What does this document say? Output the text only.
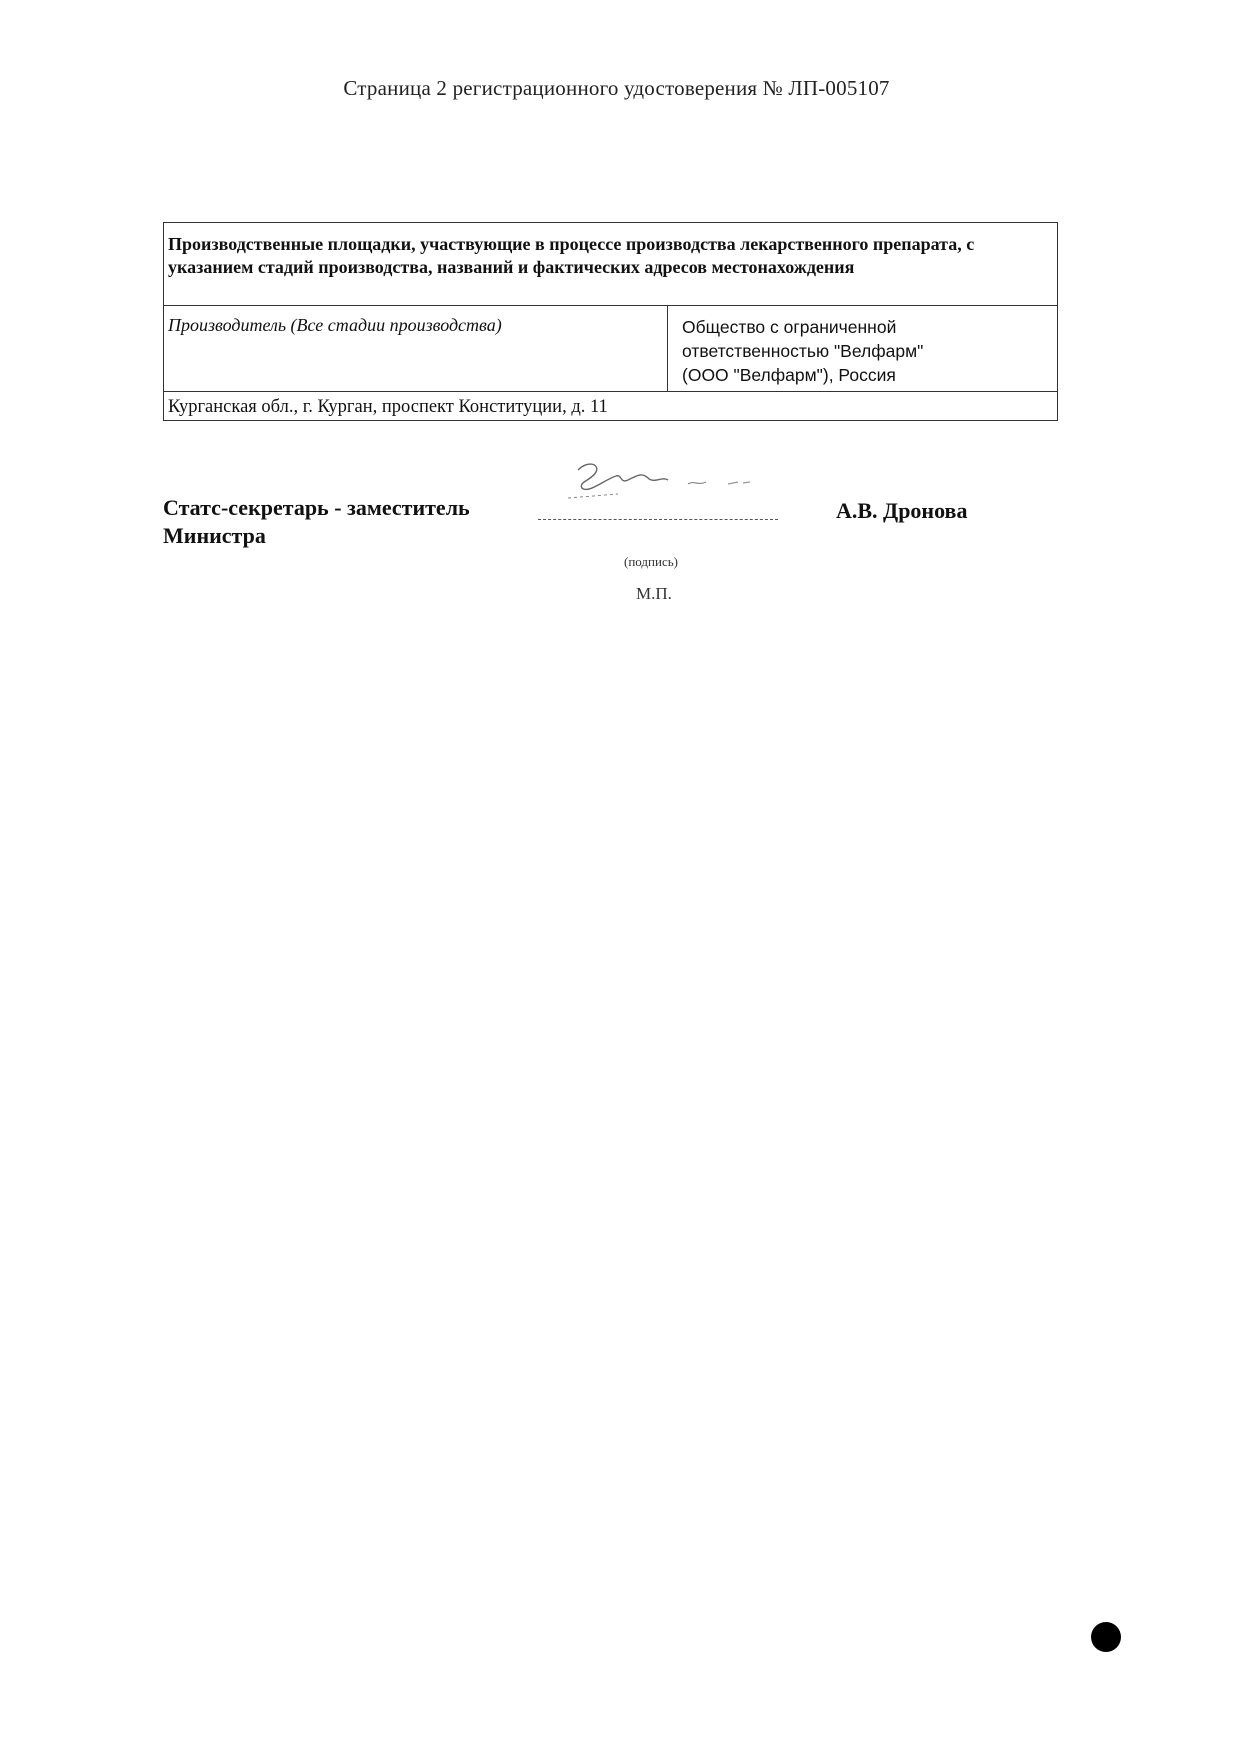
Страница 2 регистрационного удостоверения № ЛП-005107
Производственные площадки, участвующие в процессе производства лекарственного препарата, с указанием стадий производства, названий и фактических адресов местонахождения
Производитель (Все стадии производства)	Общество с ограниченной
ответственностью "Велфарм"
(ООО "Велфарм"), Россия

Курганская обл., г. Курган, проспект Конституции, д. 11
Статс-секретарь - заместитель
Министра
А.В. Дронова
(подпись)
М.П.
